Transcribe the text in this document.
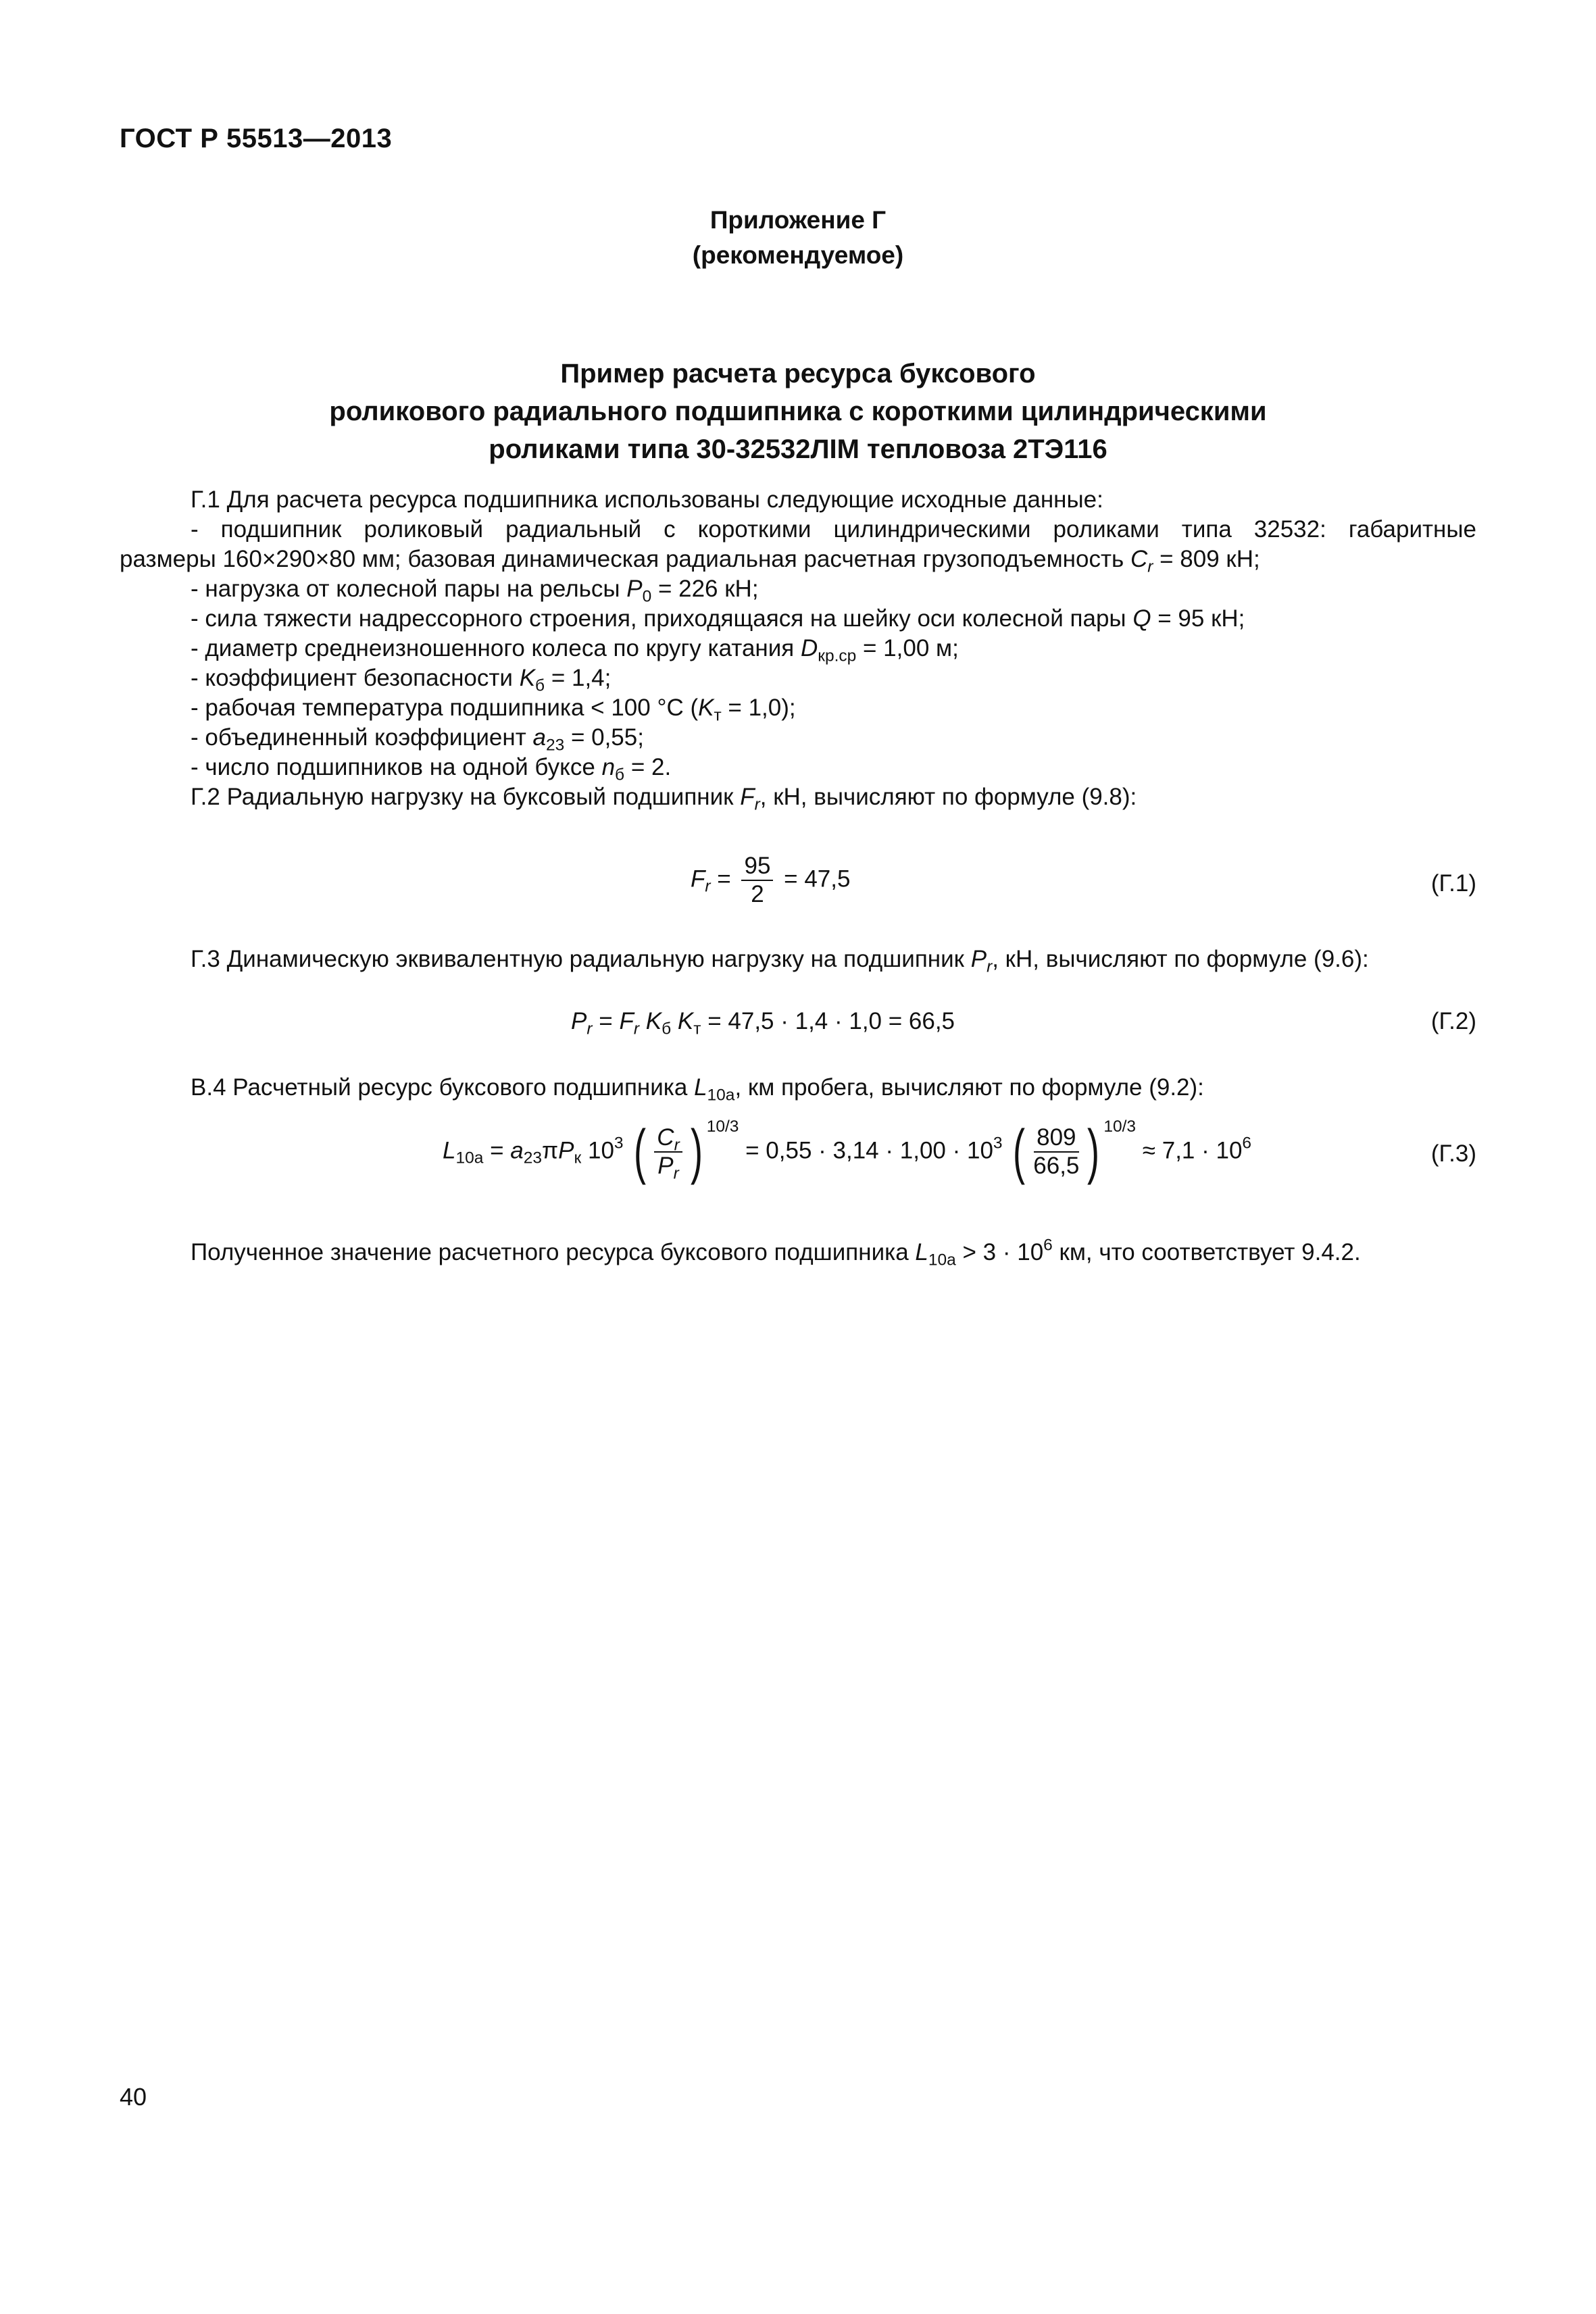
ГОСТ Р 55513—2013
Приложение Г
(рекомендуемое)
Пример расчета ресурса буксового
роликового радиального подшипника с короткими цилиндрическими
роликами типа 30-32532ЛІМ тепловоза 2ТЭ116

Г.1 Для расчета ресурса подшипника использованы следующие исходные данные:

- подшипник роликовый радиальный с короткими цилиндрическими роликами типа 32532: габаритные

размеры 160×290×80 мм; базовая динамическая радиальная расчетная грузоподъемность $C_r = 809$ кН;

- нагрузка от колесной пары на рельсы $P_0 = 226$ кН;

- сила тяжести надрессорного строения, приходящаяся на шейку оси колесной пары Q = 95 кН;

- диаметр среднеизношенного колеса по кругу катания $D_{кр.ср} = 1,00$ м;

- коэффициент безопасности $K_б = 1,4$;

- рабочая температура подшипника < 100 °С $(K_т = 1,0)$;

- объединенный коэффициент $a_{23} = 0,55$;

- число подшипников на одной буксе $n_б = 2$.

Г.2 Радиальную нагрузку на буксовый подшипник $F_r$, кН, вычисляют по формуле (9.8):

$F_r = \frac{95}{2} = 47,5$	(Г.1)

Г.3 Динамическую эквивалентную радиальную нагрузку на подшипник $P_r$, кН, вычисляют по формуле (9.6):

$P_r = F_r$ $K_б$ $K_т = 47,5 \cdot 1,4 \cdot 1,0 = 66,5$	(Г.2)

В.4 Расчетный ресурс буксового подшипника $L_{10a}$, км пробега, вычисляют по формуле (9.2):

$L_{10a} = a_{23}\pi P_к$ $10^3$ ( $\frac{C_r}{P_r}$ ) $^{10/3} = 0,55 \cdot 3,14 \cdot 1,00 \cdot 10^3$ ( $\frac{809}{66,5}$ ) $^{10/3} \approx 7,1 \cdot 10^6$	(Г.3)

Полученное значение расчетного ресурса буксового подшипника $L_{10a} > 3 \cdot 10^6$ км, что соответствует 9.4.2.

40
